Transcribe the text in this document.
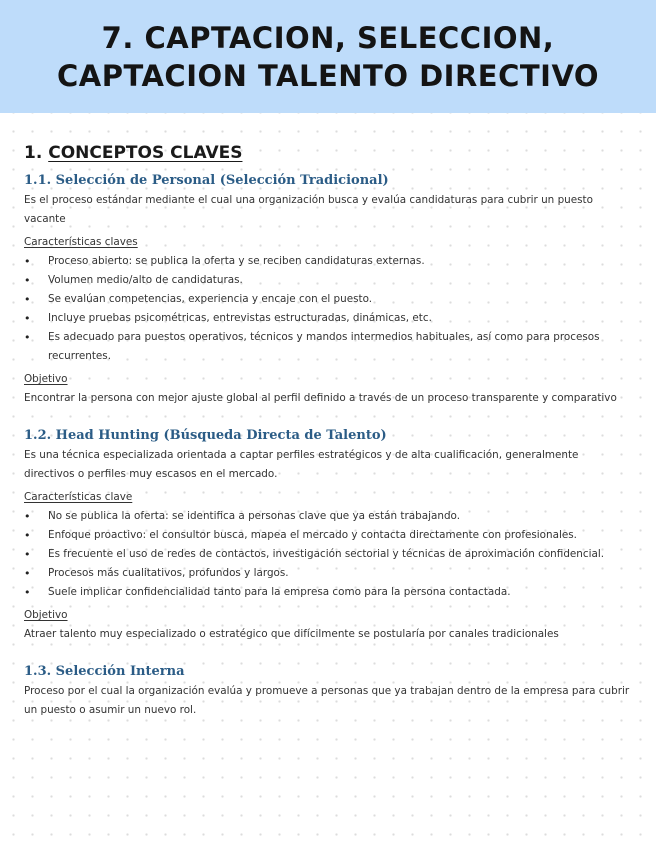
7. CAPTACION, SELECCION,
CAPTACION TALENTO DIRECTIVO
1. CONCEPTOS CLAVES
1.1. Selección de Personal (Selección Tradicional)

Es el proceso estándar mediante el cual una organización busca y evalúa candidaturas para cubrir un puesto vacante

Características claves

• Proceso abierto: se publica la oferta y se reciben candidaturas externas.
• Volumen medio/alto de candidaturas.
• Se evalúan competencias, experiencia y encaje con el puesto.
• Incluye pruebas psicométricas, entrevistas estructuradas, dinámicas, etc.
• Es adecuado para puestos operativos, técnicos y mandos intermedios habituales, así como para procesos recurrentes.

Objetivo

Encontrar la persona con mejor ajuste global al perfil definido a través de un proceso transparente y comparativo

1.2. Head Hunting (Búsqueda Directa de Talento)

Es una técnica especializada orientada a captar perfiles estratégicos y de alta cualificación, generalmente directivos o perfiles muy escasos en el mercado.

Características clave

• No se publica la oferta: se identifica a personas clave que ya están trabajando.
• Enfoque proactivo: el consultor busca, mapea el mercado y contacta directamente con profesionales.
• Es frecuente el uso de redes de contactos, investigación sectorial y técnicas de aproximación confidencial.
• Procesos más cualitativos, profundos y largos.
• Suele implicar confidencialidad tanto para la empresa como para la persona contactada.

Objetivo

Atraer talento muy especializado o estratégico que difícilmente se postularía por canales tradicionales

1.3. Selección Interna

Proceso por el cual la organización evalúa y promueve a personas que ya trabajan dentro de la empresa para cubrir un puesto o asumir un nuevo rol.
